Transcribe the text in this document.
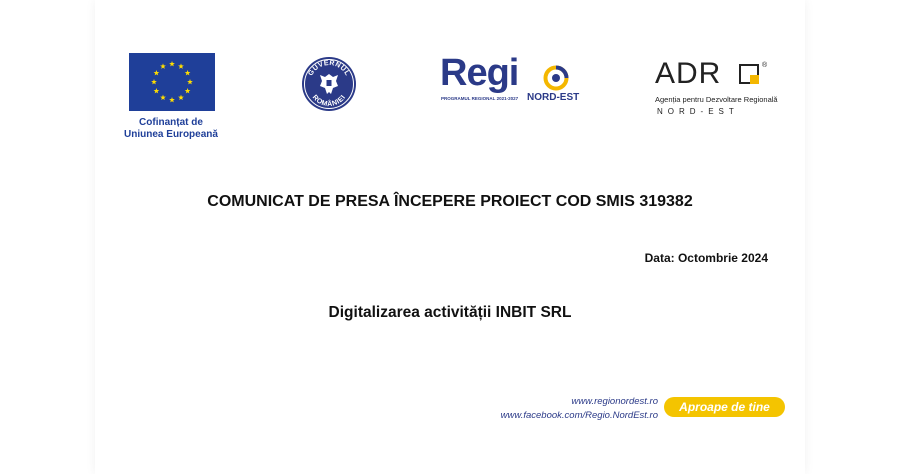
Cofinanțat de
Uniunea Europeană
GUVERNUL
ROMÂNIEI
Regi
PROGRAMUL REGIONAL 2021-2027 NORD-EST
ADR	®
Agenția pentru Dezvoltare Regională
NORD-EST
COMUNICAT DE PRESA ÎNCEPERE PROIECT COD SMIS 319382
Data: Octombrie 2024
Digitalizarea activității INBIT SRL
www.regionordest.ro
www.facebook.com/Regio.NordEst.ro
Aproape de tine
